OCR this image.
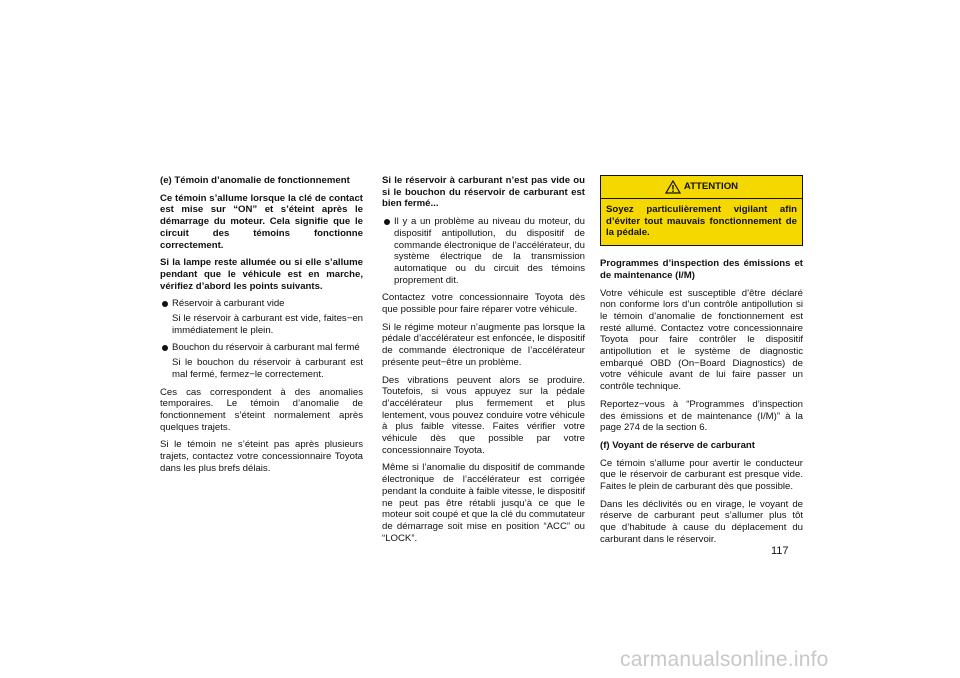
(e) Témoin d’anomalie de fonctionnement

Ce témoin s’allume lorsque la clé de contact est mise sur “ON” et s’éteint après le démarrage du moteur. Cela signifie que le circuit des témoins fonctionne correctement.

Si la lampe reste allumée ou si elle s’allume pendant que le véhicule est en marche, vérifiez d’abord les points suivants.

Réservoir à carburant vide

Si le réservoir à carburant est vide, faites−en immédiatement le plein.

Bouchon du réservoir à carburant mal fermé

Si le bouchon du réservoir à carburant est mal fermé, fermez−le correctement.

Ces cas correspondent à des anomalies temporaires. Le témoin d’anomalie de fonctionnement s’éteint normalement après quelques trajets.

Si le témoin ne s’éteint pas après plusieurs trajets, contactez votre concessionnaire Toyota dans les plus brefs délais.

Si le réservoir à carburant n’est pas vide ou si le bouchon du réservoir de carburant est bien fermé...

Il y a un problème au niveau du moteur, du dispositif antipollution, du dispositif de commande électronique de l’accélérateur, du système électrique de la transmission automatique ou du circuit des témoins proprement dit.

Contactez votre concessionnaire Toyota dès que possible pour faire réparer votre véhicule.

Si le régime moteur n’augmente pas lorsque la pédale d’accélérateur est enfoncée, le dispositif de commande électronique de l’accélérateur présente peut−être un problème.

Des vibrations peuvent alors se produire. Toutefois, si vous appuyez sur la pédale d’accélérateur plus fermement et plus lentement, vous pouvez conduire votre véhicule à plus faible vitesse. Faites vérifier votre véhicule dès que possible par votre concessionnaire Toyota.

Même si l’anomalie du dispositif de commande électronique de l’accélérateur est corrigée pendant la conduite à faible vitesse, le dispositif ne peut pas être rétabli jusqu’à ce que le moteur soit coupé et que la clé du commutateur de démarrage soit mise en position “ACC” ou “LOCK”.

ATTENTION
Soyez particulièrement vigilant afin d’éviter tout mauvais fonctionnement de la pédale.

Programmes d’inspection des émissions et de maintenance (I/M)

Votre véhicule est susceptible d’être déclaré non conforme lors d’un contrôle antipollution si le témoin d’anomalie de fonctionnement est resté allumé. Contactez votre concessionnaire Toyota pour faire contrôler le dispositif antipollution et le système de diagnostic embarqué OBD (On−Board Diagnostics) de votre véhicule avant de lui faire passer un contrôle technique.

Reportez−vous à “Programmes d’inspection des émissions et de maintenance (I/M)” à la page 274 de la section 6.

(f) Voyant de réserve de carburant

Ce témoin s’allume pour avertir le conducteur que le réservoir de carburant est presque vide. Faites le plein de carburant dès que possible.

Dans les déclivités ou en virage, le voyant de réserve de carburant peut s’allumer plus tôt que d’habitude à cause du déplacement du carburant dans le réservoir.

117
carmanualsonline.info
